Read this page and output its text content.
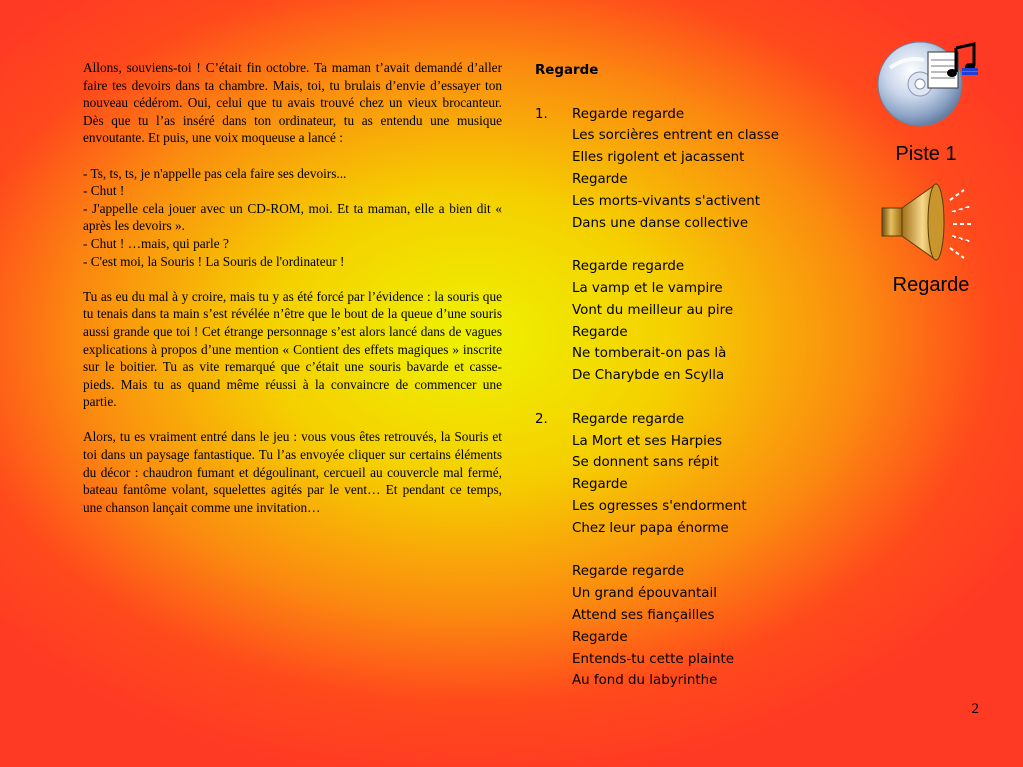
Allons, souviens-toi ! C’était fin octobre. Ta maman t’avait demandé d’aller faire tes devoirs dans ta chambre. Mais, toi, tu brulais d’envie d’essayer ton nouveau cédérom. Oui, celui que tu avais trouvé chez un vieux brocanteur. Dès que tu l’as inséré dans ton ordinateur, tu as entendu une musique envoutante. Et puis, une voix moqueuse a lancé :

- Ts, ts, ts, je n'appelle pas cela faire ses devoirs...
- Chut !
- J'appelle cela jouer avec un CD-ROM, moi. Et ta maman, elle a bien dit « après les devoirs ».
- Chut ! …mais, qui parle ?
- C'est moi, la Souris ! La Souris de l'ordinateur !

Tu as eu du mal à y croire, mais tu y as été forcé par l’évidence : la souris que tu tenais dans ta main s’est révélée n’être que le bout de la queue d’une souris aussi grande que toi ! Cet étrange personnage s’est alors lancé dans de vagues explications à propos d’une mention « Contient des effets magiques » inscrite sur le boitier. Tu as vite remarqué que c’était une souris bavarde et casse-pieds. Mais tu as quand même réussi à la convaincre de commencer une partie.

Alors, tu es vraiment entré dans le jeu : vous vous êtes retrouvés, la Souris et toi dans un paysage fantastique. Tu l’as envoyée cliquer sur certains éléments du décor : chaudron fumant et dégoulinant, cercueil au couvercle mal fermé, bateau fantôme volant, squelettes agités par le vent… Et pendant ce temps, une chanson lançait comme une invitation…

Regarde
1.	Regarde regarde
Les sorcières entrent en classe
Elles rigolent et jacassent
Regarde
Les morts-vivants s'activent
Dans une danse collective
Regarde regarde
La vamp et le vampire
Vont du meilleur au pire
Regarde
Ne tomberait-on pas là
De Charybde en Scylla
2.	Regarde regarde
La Mort et ses Harpies
Se donnent sans répit
Regarde
Les ogresses s'endorment
Chez leur papa énorme
Regarde regarde
Un grand épouvantail
Attend ses fiançailles
Regarde
Entends-tu cette plainte
Au fond du labyrinthe
Piste 1
Regarde
2
